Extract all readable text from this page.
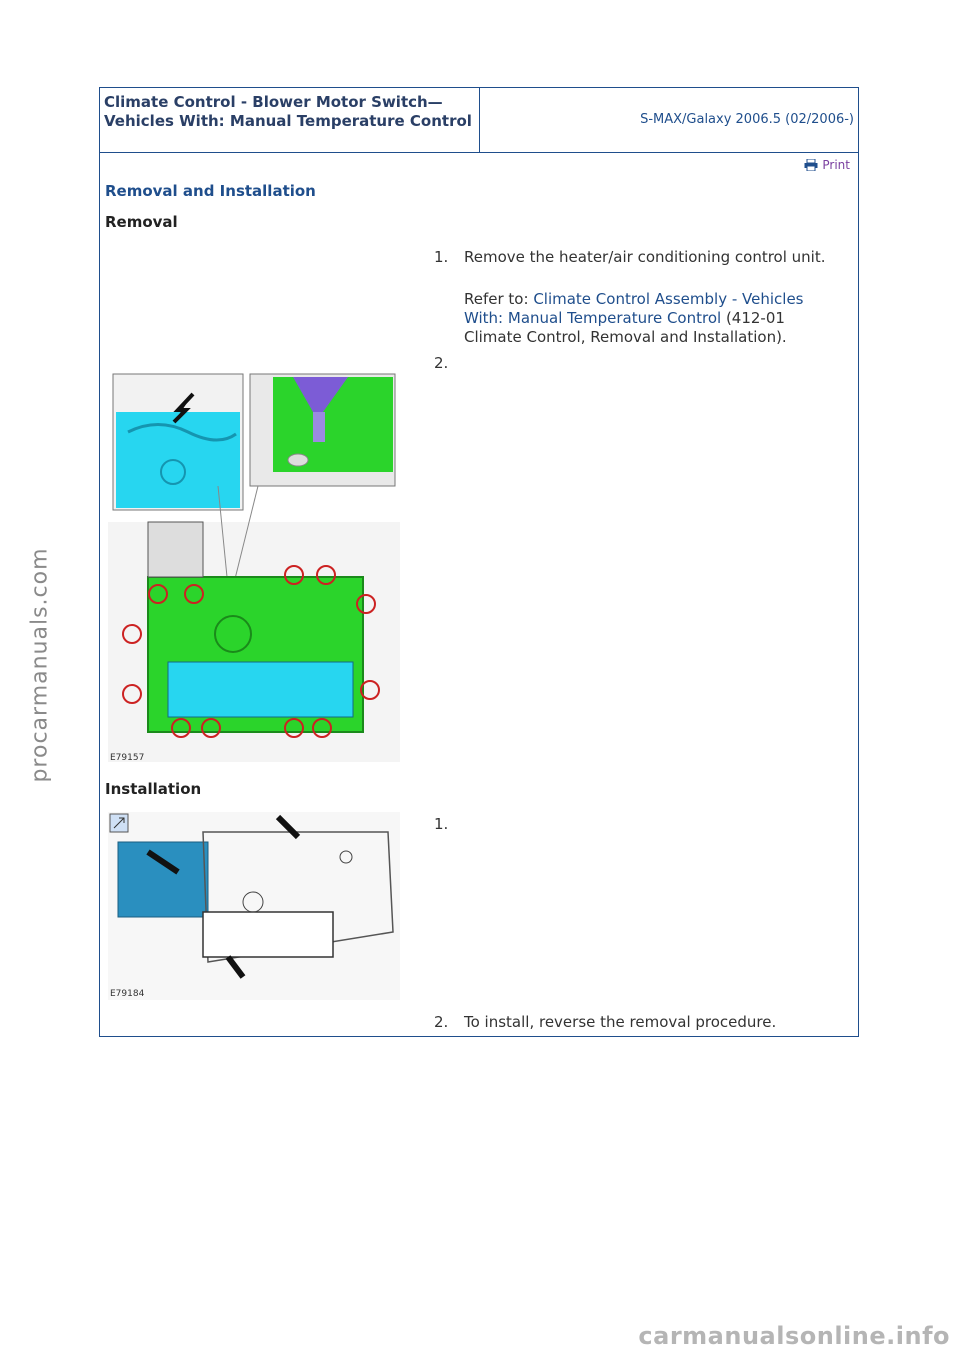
Climate Control - Blower Motor Switch—Vehicles With: Manual Temperature Control	S-MAX/Galaxy 2006.5 (02/2006-)
Print
Removal and Installation
Removal
1. Remove the heater/air conditioning control unit.
Refer to: Climate Control Assembly - Vehicles With: Manual Temperature Control (412-01 Climate Control, Removal and Installation).
2.
E79157
Installation
1.
E79184
2. To install, reverse the removal procedure.
procarmanuals.com
carmanualsonline.info
